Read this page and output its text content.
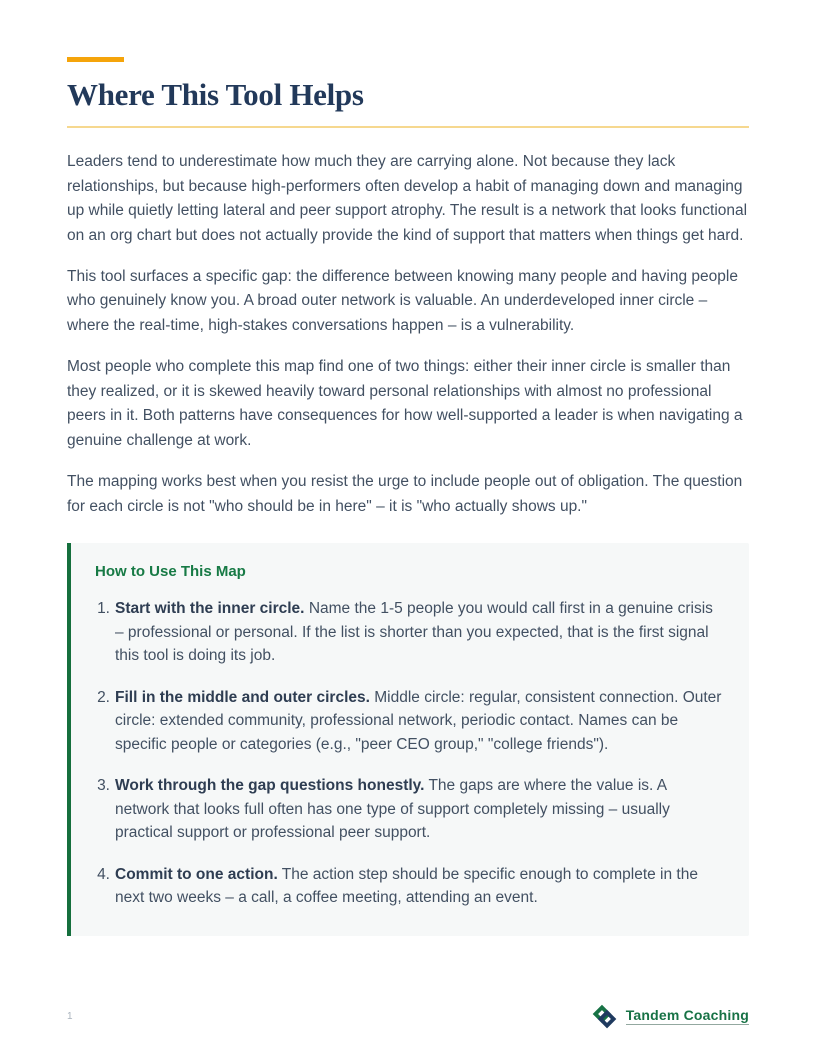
Where This Tool Helps

Leaders tend to underestimate how much they are carrying alone. Not because they lack relationships, but because high-performers often develop a habit of managing down and managing up while quietly letting lateral and peer support atrophy. The result is a network that looks functional on an org chart but does not actually provide the kind of support that matters when things get hard.

This tool surfaces a specific gap: the difference between knowing many people and having people who genuinely know you. A broad outer network is valuable. An underdeveloped inner circle – where the real-time, high-stakes conversations happen – is a vulnerability.

Most people who complete this map find one of two things: either their inner circle is smaller than they realized, or it is skewed heavily toward personal relationships with almost no professional peers in it. Both patterns have consequences for how well-supported a leader is when navigating a genuine challenge at work.

The mapping works best when you resist the urge to include people out of obligation. The question for each circle is not "who should be in here" – it is "who actually shows up."

How to Use This Map
1. Start with the inner circle. Name the 1-5 people you would call first in a genuine crisis – professional or personal. If the list is shorter than you expected, that is the first signal this tool is doing its job.
2. Fill in the middle and outer circles. Middle circle: regular, consistent connection. Outer circle: extended community, professional network, periodic contact. Names can be specific people or categories (e.g., "peer CEO group," "college friends").
3. Work through the gap questions honestly. The gaps are where the value is. A network that looks full often has one type of support completely missing – usually practical support or professional peer support.
4. Commit to one action. The action step should be specific enough to complete in the next two weeks – a call, a coffee meeting, attending an event.
1	Tandem Coaching
